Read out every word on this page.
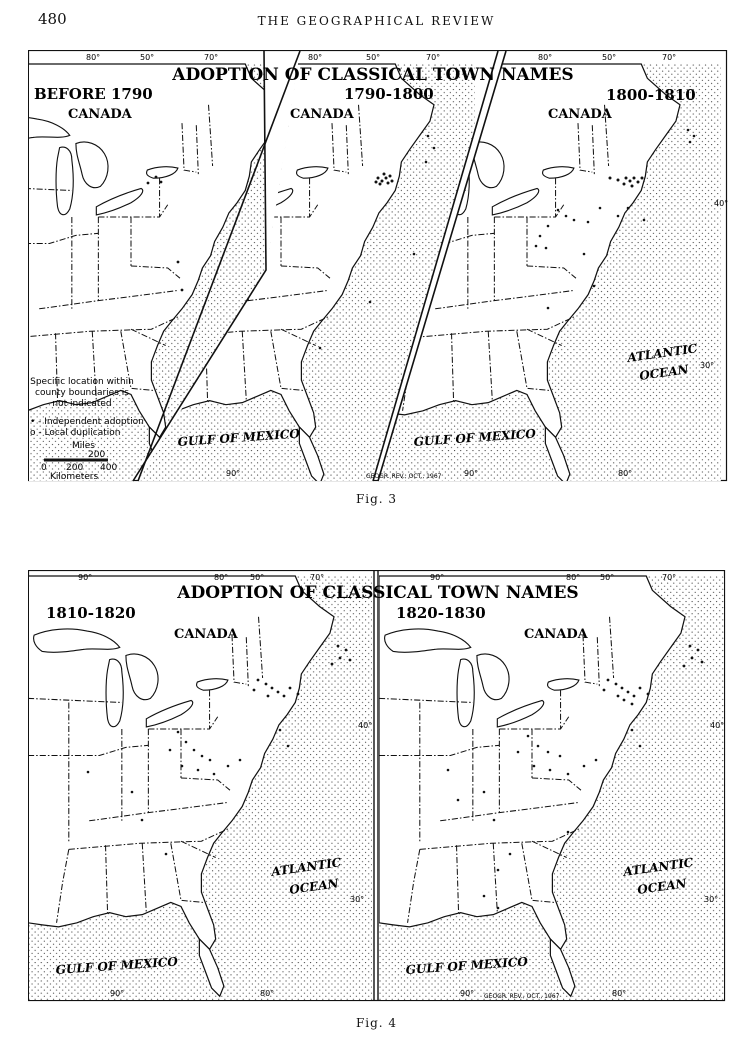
480	THE GEOGRAPHICAL REVIEW
ADOPTION OF CLASSICAL TOWN NAMES
BEFORE 1790	1790-1800	1800-1810
CANADA	CANADA	CANADA
GULF OF MEXICO	GULF OF MEXICO
ATLANTIC
OCEAN
80°	50°	70°	80°	50°	70°	80°	50°	70°
40°
30°
90°	90°	80°
GEOGR. REV., OCT., 1967
Specific location within
county boundaries is
not indicated
• - Independent adoption
o - Local duplication
Miles
200
0 200 400
Kilometers
Fig. 3
ADOPTION OF CLASSICAL TOWN NAMES
1810-1820	1820-1830
CANADA	CANADA
GULF OF MEXICO	GULF OF MEXICO
ATLANTIC
OCEAN
ATLANTIC
OCEAN
90°	80°	50°	70°	90°	80° 50°	70°
40°	40°
30°	30°
90°	80°	90°	80°
GEOGR. REV., OCT., 1967
Fig. 4
